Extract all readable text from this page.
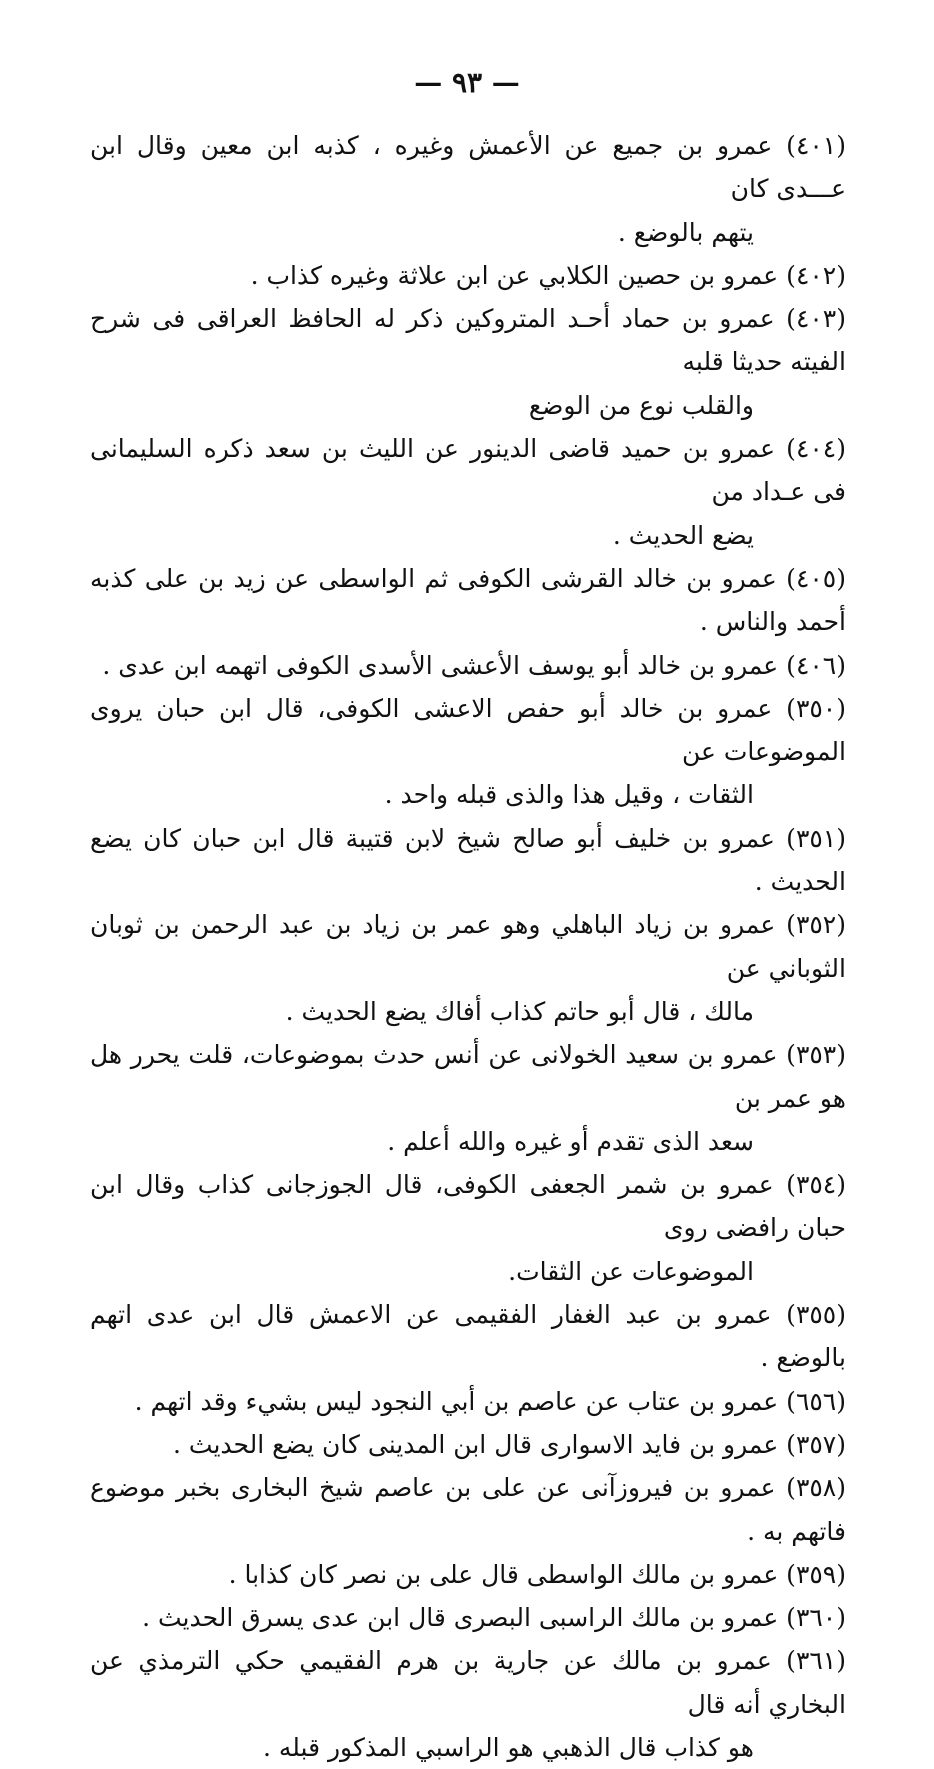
— ٩٣ —

(٤٠١) عمرو بن جميع عن الأعمش وغيره ، كذبه ابن معين وقال ابن عـــدى كان
يتهم بالوضع .

(٤٠٢) عمرو بن حصين الكلابي عن ابن علاثة وغيره كذاب .

(٤٠٣) عمرو بن حماد أحـد المتروكين ذكر له الحافظ العراقى فى شرح الفيته حديثا قلبه
والقلب نوع من الوضع

(٤٠٤) عمرو بن حميد قاضى الدينور عن الليث بن سعد ذكره السليمانى فى عـداد من
يضع الحديث .

(٤٠٥) عمرو بن خالد القرشى الكوفى ثم الواسطى عن زيد بن على كذبه أحمد والناس .

(٤٠٦) عمرو بن خالد أبو يوسف الأعشى الأسدى الكوفى اتهمه ابن عدى .

(٣٥٠) عمرو بن خالد أبو حفص الاعشى الكوفى، قال ابن حبان يروى الموضوعات عن
الثقات ، وقيل هذا والذى قبله واحد .

(٣٥١) عمرو بن خليف أبو صالح شيخ لابن قتيبة قال ابن حبان كان يضع الحديث .

(٣٥٢) عمرو بن زياد الباهلي وهو عمر بن زياد بن عبد الرحمن بن ثوبان الثوباني عن
مالك ، قال أبو حاتم كذاب أفاك يضع الحديث .

(٣٥٣) عمرو بن سعيد الخولانى عن أنس حدث بموضوعات، قلت يحرر هل هو عمر بن
سعد الذى تقدم أو غيره والله أعلم .

(٣٥٤) عمرو بن شمر الجعفى الكوفى، قال الجوزجانى كذاب وقال ابن حبان رافضى روى
الموضوعات عن الثقات.

(٣٥٥) عمرو بن عبد الغفار الفقيمى عن الاعمش قال ابن عدى اتهم بالوضع .

(٦٥٦) عمرو بن عتاب عن عاصم بن أبي النجود ليس بشيء وقد اتهم .

(٣٥٧) عمرو بن فايد الاسوارى قال ابن المدينى كان يضع الحديث .

(٣٥٨) عمرو بن فيروزآنى عن على بن عاصم شيخ البخارى بخبر موضوع فاتهم به .

(٣٥٩) عمرو بن مالك الواسطى قال على بن نصر كان كذابا .

(٣٦٠) عمرو بن مالك الراسبى البصرى قال ابن عدى يسرق الحديث .

(٣٦١) عمرو بن مالك عن جارية بن هرم الفقيمي حكي الترمذي عن البخاري أنه قال
هو كذاب قال الذهبي هو الراسبي المذكور قبله .
